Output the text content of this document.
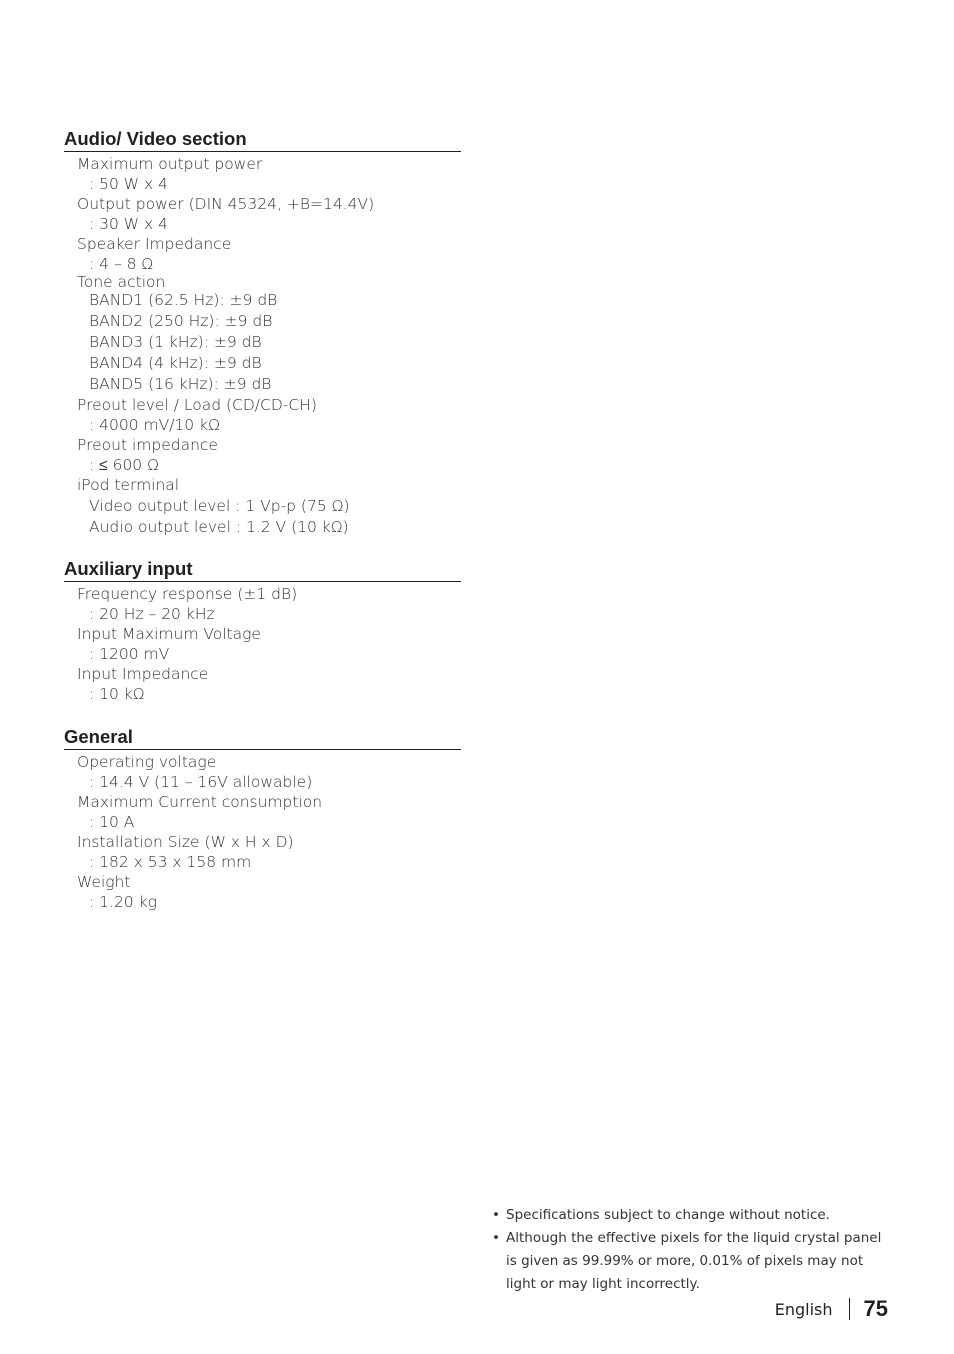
Audio/ Video section
Maximum output power
: 50 W x 4
Output power (DIN 45324, +B=14.4V)
: 30 W x 4
Speaker Impedance
: 4 – 8 Ω
Tone action
BAND1 (62.5 Hz): ±9 dB
BAND2 (250 Hz): ±9 dB
BAND3 (1 kHz): ±9 dB
BAND4 (4 kHz): ±9 dB
BAND5 (16 kHz): ±9 dB
Preout level / Load (CD/CD-CH)
: 4000 mV/10 kΩ
Preout impedance
: ≤ 600 Ω
iPod terminal
Video output level : 1 Vp-p (75 Ω)
Audio output level : 1.2 V (10 kΩ)
Auxiliary input
Frequency response (±1 dB)
: 20 Hz – 20 kHz
Input Maximum Voltage
: 1200 mV
Input Impedance
: 10 kΩ
General
Operating voltage
: 14.4 V (11 – 16V allowable)
Maximum Current consumption
: 10 A
Installation Size (W x H x D)
: 182 x 53 x 158 mm
Weight
: 1.20 kg
• Specifications subject to change without notice.
• Although the effective pixels for the liquid crystal panel is given as 99.99% or more, 0.01% of pixels may not light or may light incorrectly.
English 75
